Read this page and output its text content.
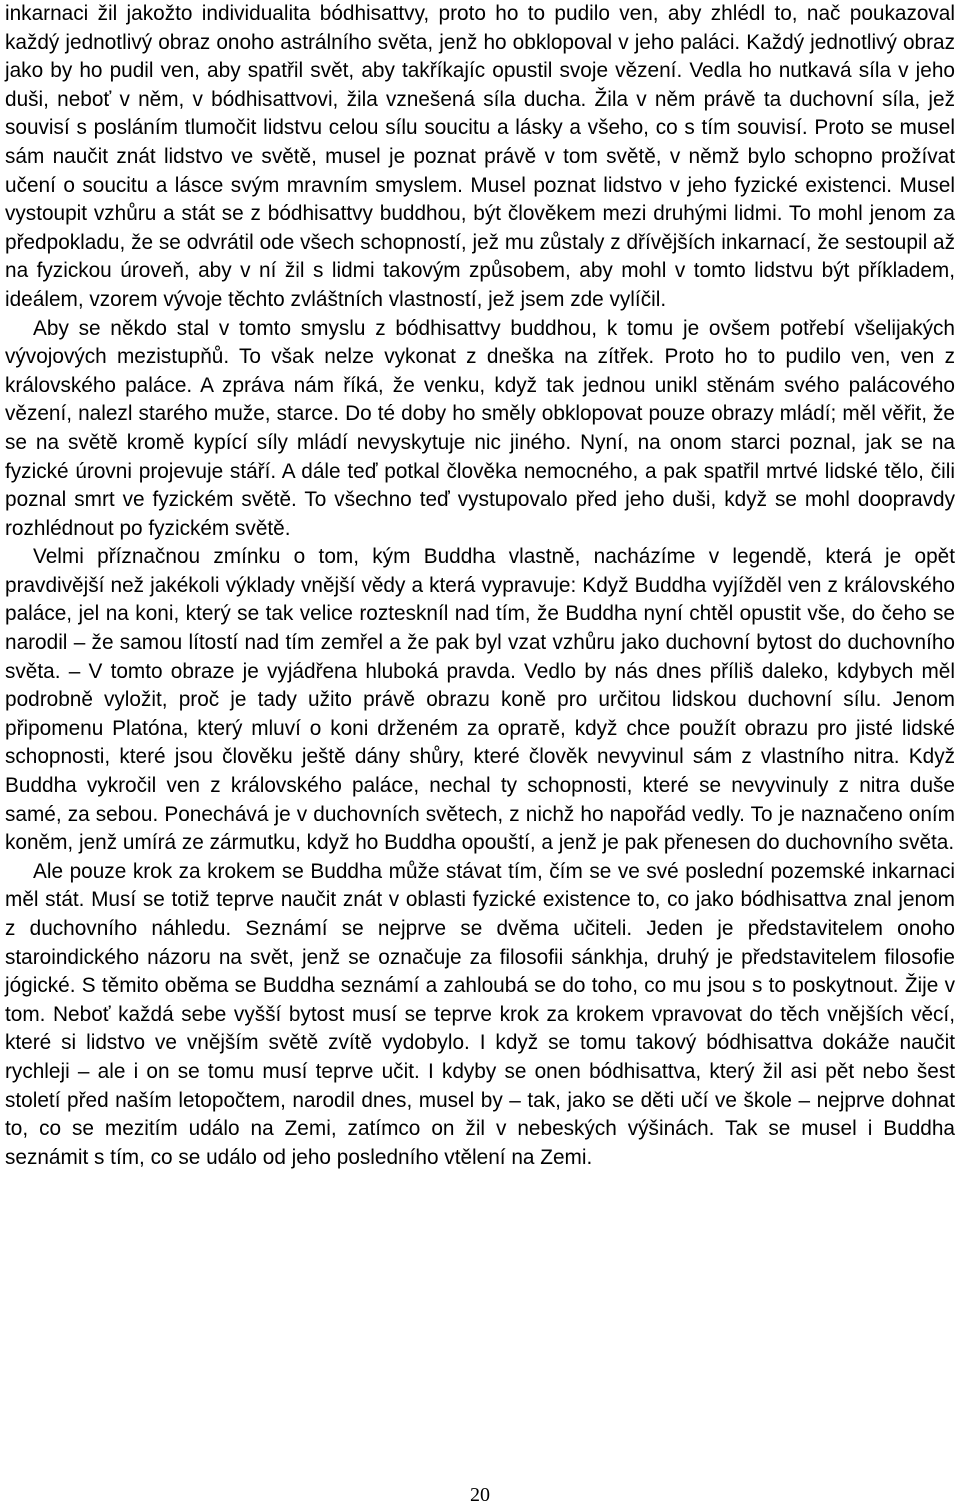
inkarnaci žil jakožto individualita bódhisattvy, proto ho to pudilo ven, aby zhlédl to, nač poukazoval každý jednotlivý obraz onoho astrálního světa, jenž ho obklopoval v jeho paláci. Každý jednotlivý obraz jako by ho pudil ven, aby spatřil svět, aby takříkajíc opustil svoje vězení. Vedla ho nutkavá síla v jeho duši, neboť v něm, v bódhisattvovi, žila vznešená síla ducha. Žila v něm právě ta duchovní síla, jež souvisí s posláním tlumočit lidstvu celou sílu soucitu a lásky a všeho, co s tím souvisí. Proto se musel sám naučit znát lidstvo ve světě, musel je poznat právě v tom světě, v němž bylo schopno prožívat učení o soucitu a lásce svým mravním smyslem. Musel poznat lidstvo v jeho fyzické existenci. Musel vystoupit vzhůru a stát se z bódhisattvy buddhou, být člověkem mezi druhými lidmi. To mohl jenom za předpokladu, že se odvrátil ode všech schopností, jež mu zůstaly z dřívějších inkarnací, že sestoupil až na fyzickou úroveň, aby v ní žil s lidmi takovým způsobem, aby mohl v tomto lidstvu být příkladem, ideálem, vzorem vývoje těchto zvláštních vlastností, jež jsem zde vylíčil.

Aby se někdo stal v tomto smyslu z bódhisattvy buddhou, k tomu je ovšem potřebí všelijakých vývojových mezistupňů. To však nelze vykonat z dneška na zítřek. Proto ho to pudilo ven, ven z královského paláce. A zpráva nám říká, že venku, když tak jednou unikl stěnám svého palácového vězení, nalezl starého muže, starce. Do té doby ho směly obklopovat pouze obrazy mládí; měl věřit, že se na světě kromě kypící síly mládí nevyskytuje nic jiného. Nyní, na onom starci poznal, jak se na fyzické úrovni projevuje stáří. A dále teď potkal člověka nemocného, a pak spatřil mrtvé lidské tělo, čili poznal smrt ve fyzickém světě. To všechno teď vystupovalo před jeho duši, když se mohl doopravdy rozhlédnout po fyzickém světě.

Velmi příznačnou zmínku o tom, kým Buddha vlastně, nacházíme v legendě, která je opět pravdivější než jakékoli výklady vnější vědy a která vypravuje: Když Buddha vyjížděl ven z královského paláce, jel na koni, který se tak velice rozteskníl nad tím, že Buddha nyní chtěl opustit vše, do čeho se narodil – že samou lítostí nad tím zemřel a že pak byl vzat vzhůru jako duchovní bytost do duchovního světa. – V tomto obraze je vyjádřena hluboká pravda. Vedlo by nás dnes příliš daleko, kdybych měl podrobně vyložit, proč je tady užito právě obrazu koně pro určitou lidskou duchovní sílu. Jenom připomenu Platóna, který mluví o koni drženém za oprатě, když chce použít obrazu pro jisté lidské schopnosti, které jsou člověku ještě dány shůry, které člověk nevyvinul sám z vlastního nitra. Když Buddha vykročil ven z královského paláce, nechal ty schopnosti, které se nevyvinuly z nitra duše samé, za sebou. Ponechává je v duchovních světech, z nichž ho napořád vedly. To je naznačeno oním koněm, jenž umírá ze zármutku, když ho Buddha opouští, a jenž je pak přenesen do duchovního světa.

Ale pouze krok za krokem se Buddha může stávat tím, čím se ve své poslední pozemské inkarnaci měl stát. Musí se totiž teprve naučit znát v oblasti fyzické existence to, co jako bódhisattva znal jenom z duchovního náhledu. Seznámí se nejprve se dvěma učiteli. Jeden je představitelem onoho staroindického názoru na svět, jenž se označuje za filosofii sánkhja, druhý je představitelem filosofie jógické. S těmito oběma se Buddha seznámí a zahloubá se do toho, co mu jsou s to poskytnout. Žije v tom. Neboť každá sebe vyšší bytost musí se teprve krok za krokem vpravovat do těch vnějších věcí, které si lidstvo ve vnějším světě zvítě vydobylo. I když se tomu takový bódhisattva dokáže naučit rychleji – ale i on se tomu musí teprve učit. I kdyby se onen bódhisattva, který žil asi pět nebo šest století před naším letopočtem, narodil dnes, musel by – tak, jako se děti učí ve škole – nejprve dohnat to, co se mezitím událo na Zemi, zatímco on žil v nebeských výšinách. Tak se musel i Buddha seznámit s tím, co se událo od jeho posledního vtělení na Zemi.

20
